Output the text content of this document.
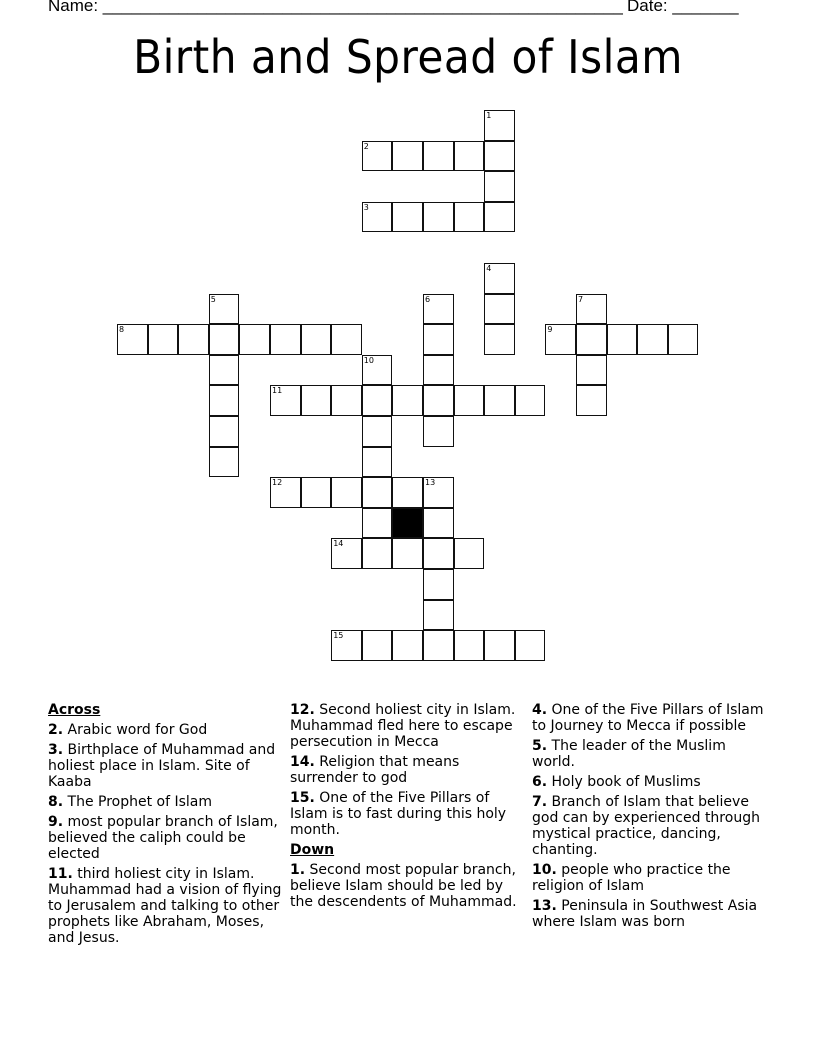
Name: _______________________________________________________ Date: _______
Birth and Spread of Islam
1
2
3
4
5	6	7
8	9
10
11
12	13
14
15
Across
2. Arabic word for God
3. Birthplace of Muhammad and holiest place in Islam. Site of Kaaba
8. The Prophet of Islam
9. most popular branch of Islam, believed the caliph could be elected
11. third holiest city in Islam. Muhammad had a vision of flying to Jerusalem and talking to other prophets like Abraham, Moses, and Jesus.
12. Second holiest city in Islam. Muhammad fled here to escape persecution in Mecca
14. Religion that means surrender to god
15. One of the Five Pillars of Islam is to fast during this holy month.
Down
1. Second most popular branch, believe Islam should be led by the descendents of Muhammad.
4. One of the Five Pillars of Islam to Journey to Mecca if possible
5. The leader of the Muslim world.
6. Holy book of Muslims
7. Branch of Islam that believe god can by experienced through mystical practice, dancing, chanting.
10. people who practice the religion of Islam
13. Peninsula in Southwest Asia where Islam was born
